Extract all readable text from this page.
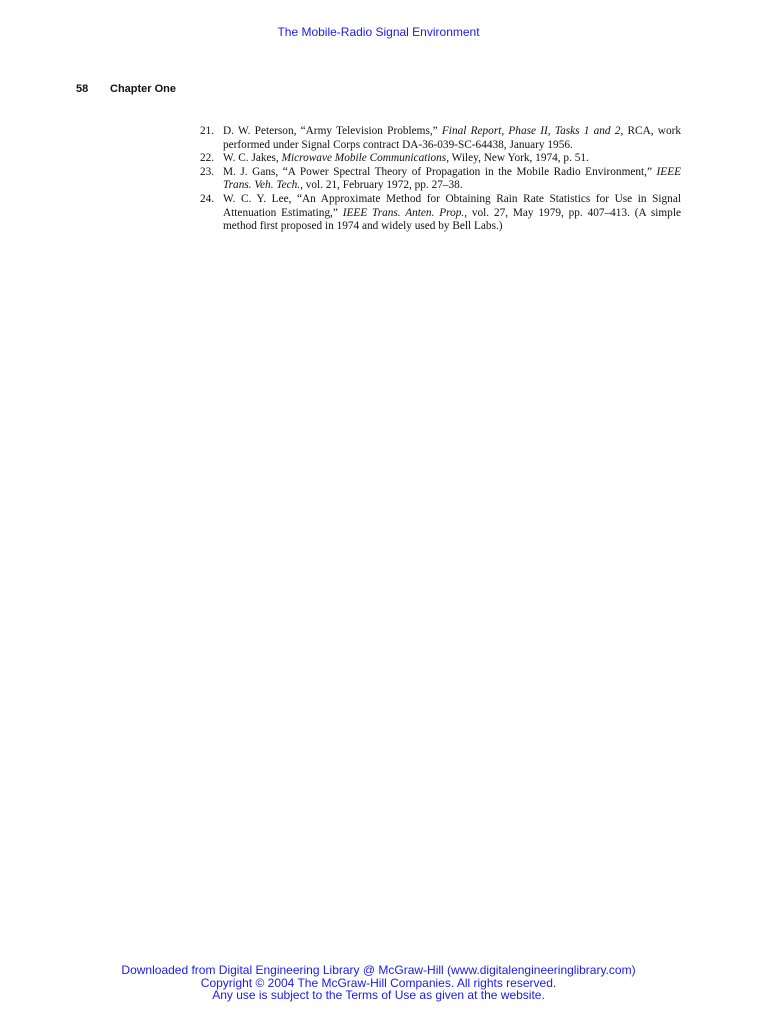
The Mobile-Radio Signal Environment
58 Chapter One
21. D. W. Peterson, “Army Television Problems,” Final Report, Phase II, Tasks 1 and 2, RCA, work performed under Signal Corps contract DA-36-039-SC-64438, January 1956.
22. W. C. Jakes, Microwave Mobile Communications, Wiley, New York, 1974, p. 51.
23. M. J. Gans, “A Power Spectral Theory of Propagation in the Mobile Radio Environment,” IEEE Trans. Veh. Tech., vol. 21, February 1972, pp. 27–38.
24. W. C. Y. Lee, “An Approximate Method for Obtaining Rain Rate Statistics for Use in Signal Attenuation Estimating,” IEEE Trans. Anten. Prop., vol. 27, May 1979, pp. 407–413. (A simple method first proposed in 1974 and widely used by Bell Labs.)
Downloaded from Digital Engineering Library @ McGraw-Hill (www.digitalengineeringlibrary.com)
Copyright © 2004 The McGraw-Hill Companies. All rights reserved.
Any use is subject to the Terms of Use as given at the website.
